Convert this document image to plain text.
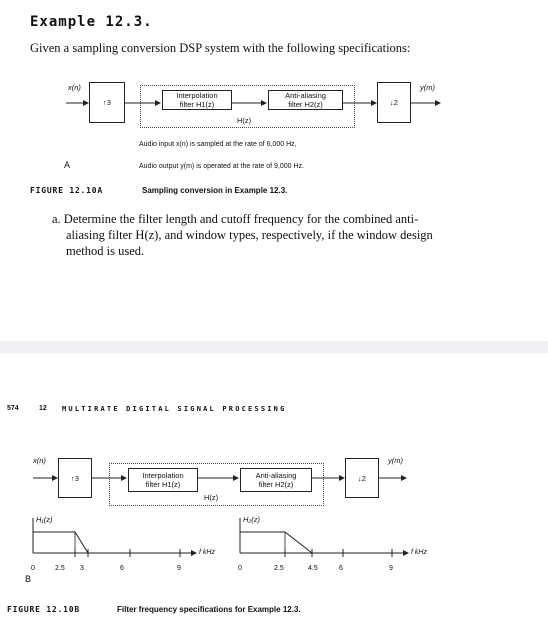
Example 12.3.
Given a sampling conversion DSP system with the following specifications:
x(n)	y(m)
↑3
Interpolation
filter H1(z)
Anti-aliasing
filter H2(z)
H(z)
↓2
Audio input x(n) is sampled at the rate of 6,000 Hz,
Audio output y(m) is operated at the rate of 9,000 Hz.
A
FIGURE 12.10A	Sampling conversion in Example 12.3.
a. Determine the filter length and cutoff frequency for the combined anti-
aliasing filter H(z), and window types, respectively, if the window design
method is used.
574	12 MULTIRATE DIGITAL SIGNAL PROCESSING
x(n)	y(m)
↑3	Interpolation
filter H1(z)
Anti-aliasing
filter H2(z)
H(z)
↓2
H₁(z)	H₂(z)
f kHz	f kHz
0	2.5 3	6	9	0	2.5	4.5	6	9
B
FIGURE 12.10B	Filter frequency specifications for Example 12.3.
